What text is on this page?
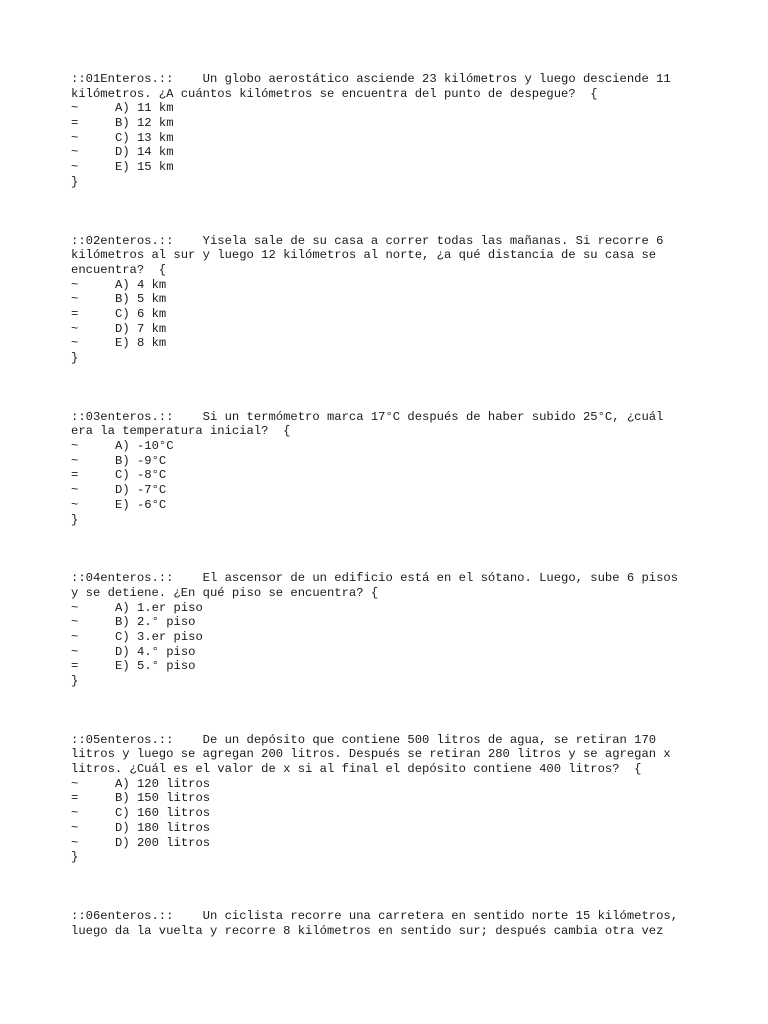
::01Enteros.::    Un globo aerostático asciende 23 kilómetros y luego desciende 11
kilómetros. ¿A cuántos kilómetros se encuentra del punto de despegue?  {
~	A) 11 km
=	B) 12 km
~	C) 13 km
~	D) 14 km
~	E) 15 km
}
::02enteros.::    Yisela sale de su casa a correr todas las mañanas. Si recorre 6
kilómetros al sur y luego 12 kilómetros al norte, ¿a qué distancia de su casa se
encuentra?  {
~	A) 4 km
~	B) 5 km
=	C) 6 km
~	D) 7 km
~	E) 8 km
}
::03enteros.::    Si un termómetro marca 17°C después de haber subido 25°C, ¿cuál
era la temperatura inicial?  {
~	A) -10°C
~	B) -9°C
=	C) -8°C
~	D) -7°C
~	E) -6°C
}
::04enteros.::    El ascensor de un edificio está en el sótano. Luego, sube 6 pisos
y se detiene. ¿En qué piso se encuentra? {
~	A) 1.er piso
~	B) 2.° piso
~	C) 3.er piso
~	D) 4.° piso
=	E) 5.° piso
}
::05enteros.::    De un depósito que contiene 500 litros de agua, se retiran 170
litros y luego se agregan 200 litros. Después se retiran 280 litros y se agregan x
litros. ¿Cuál es el valor de x si al final el depósito contiene 400 litros?  {
~	A) 120 litros
=	B) 150 litros
~	C) 160 litros
~	D) 180 litros
~	D) 200 litros
}
::06enteros.::    Un ciclista recorre una carretera en sentido norte 15 kilómetros,
luego da la vuelta y recorre 8 kilómetros en sentido sur; después cambia otra vez
